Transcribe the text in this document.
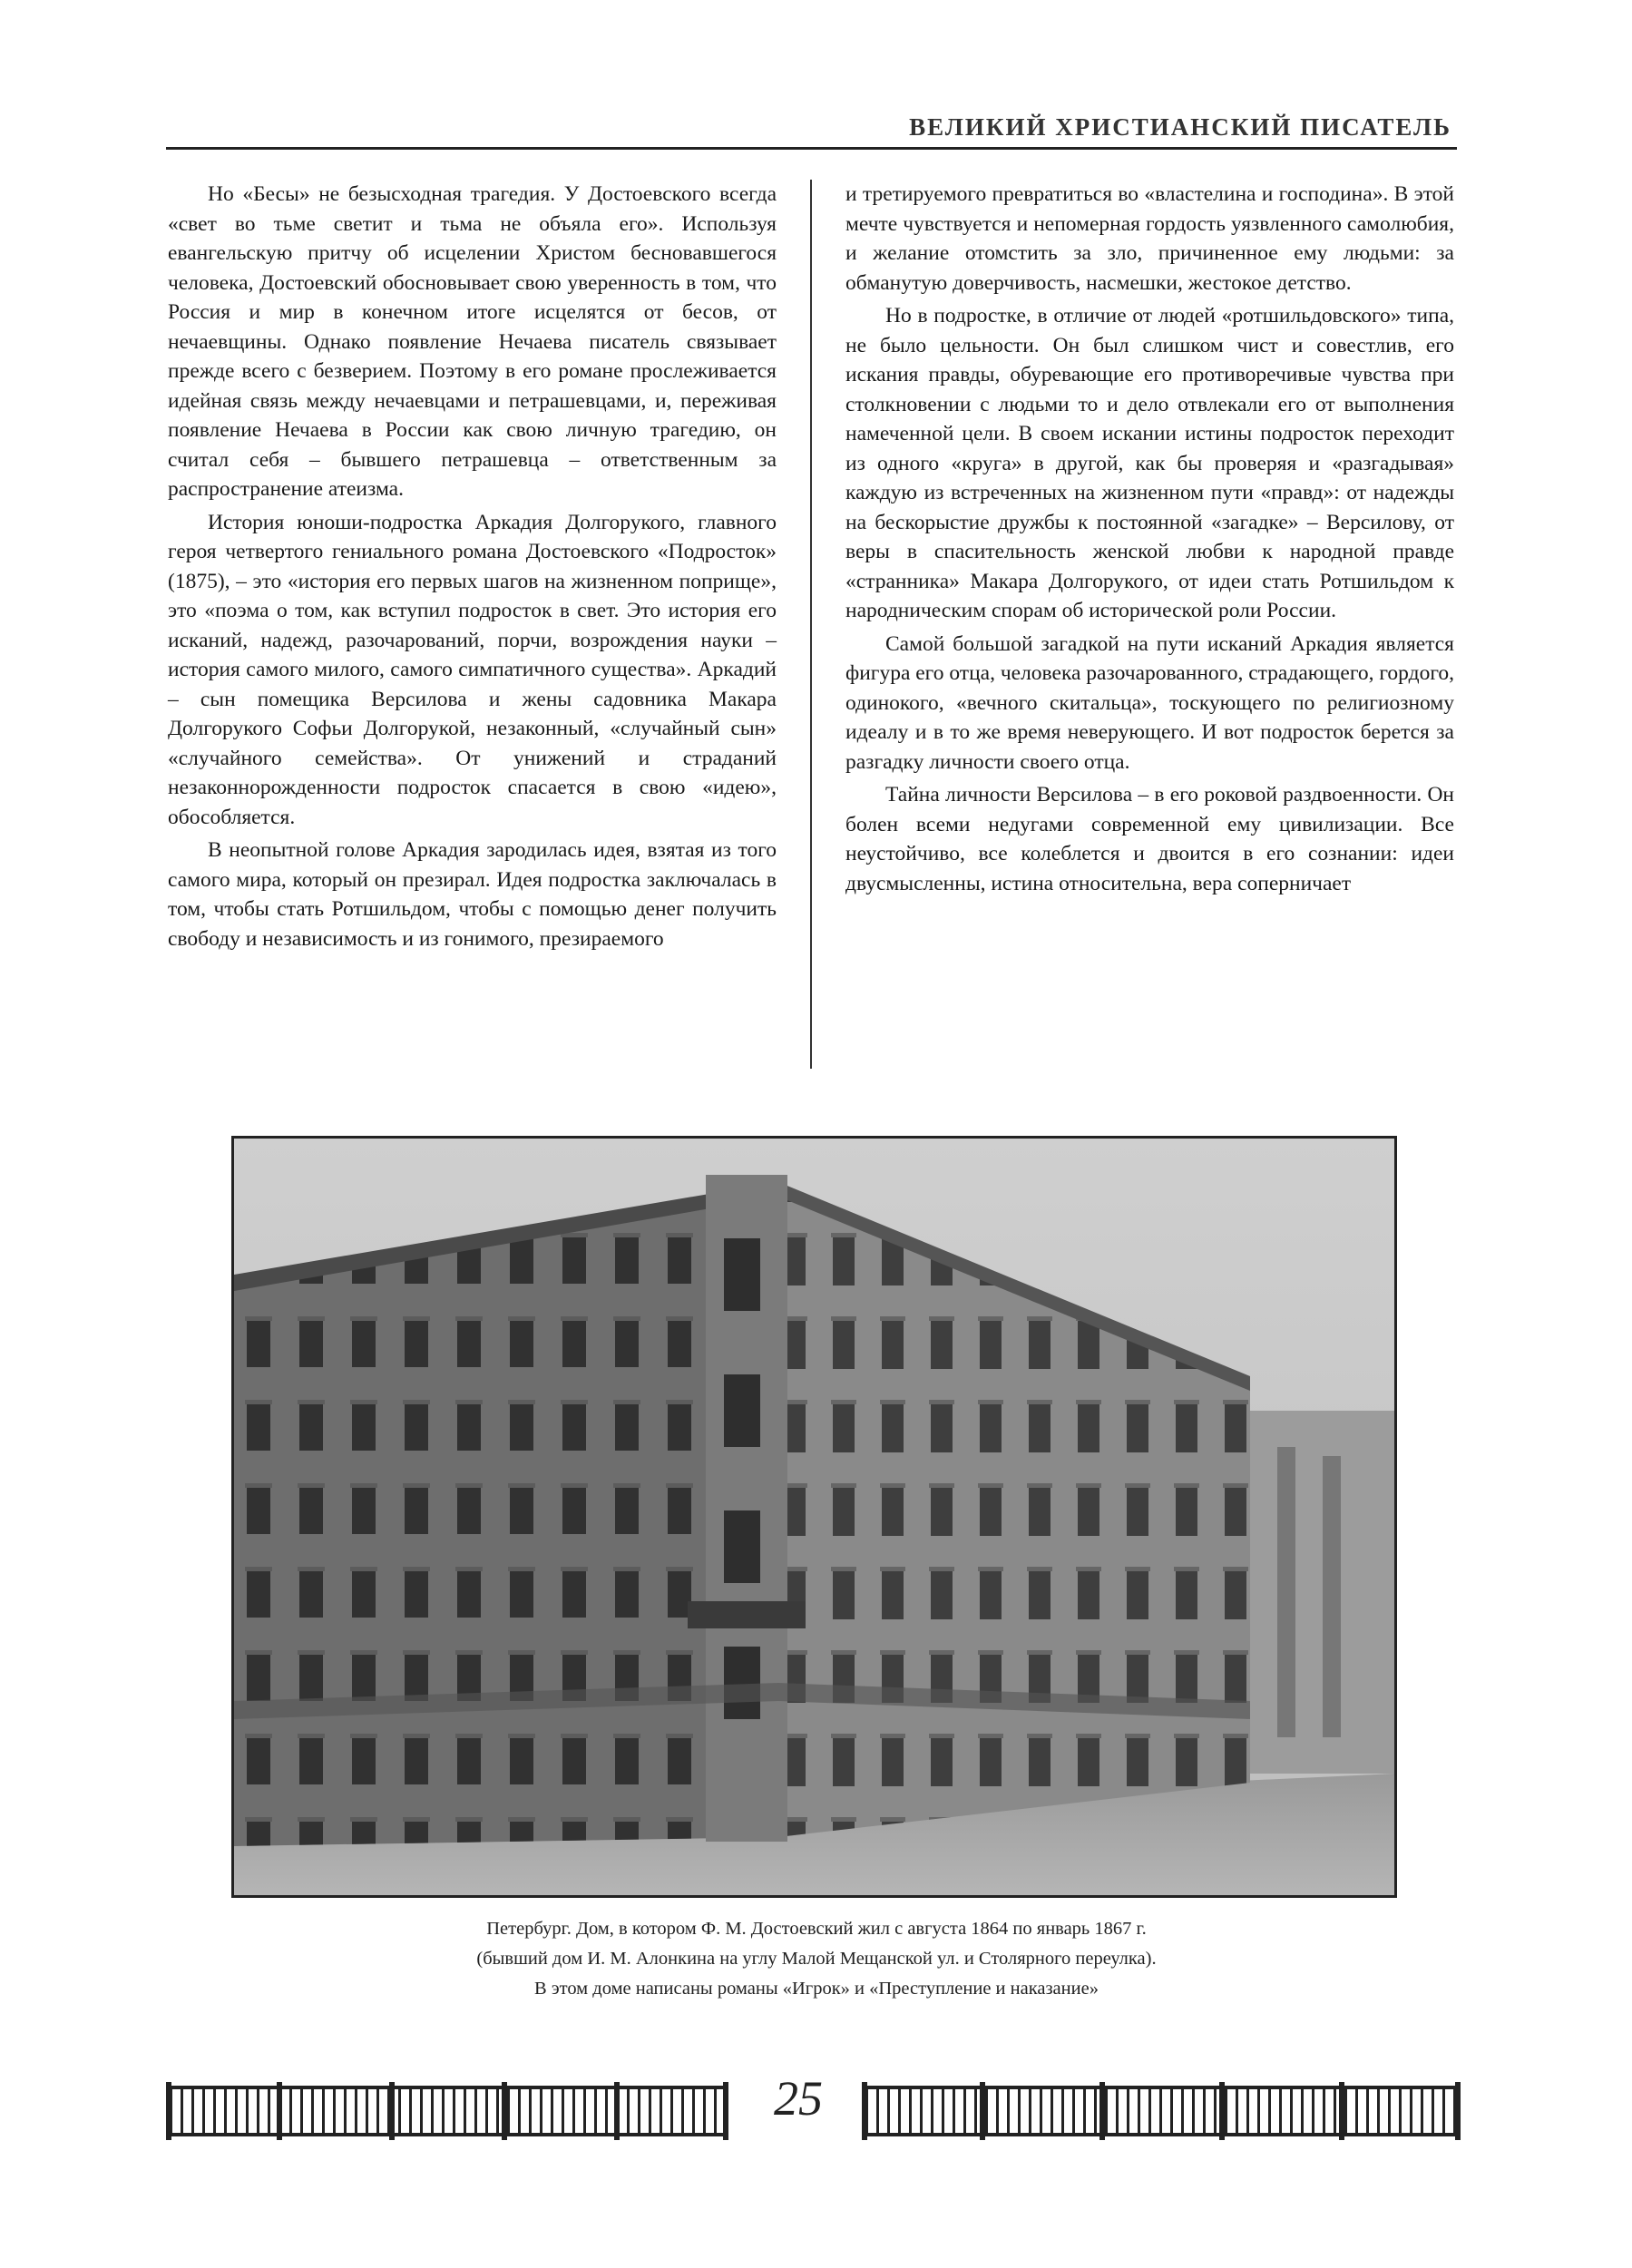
ВЕЛИКИЙ ХРИСТИАНСКИЙ ПИСАТЕЛЬ

Но «Бесы» не безысходная трагедия. У Достоевского всегда «свет во тьме светит и тьма не объяла его». Используя евангельскую притчу об исцелении Христом бесновавшегося человека, Достоевский обосновывает свою уверенность в том, что Россия и мир в конечном итоге исцелятся от бесов, от нечаевщины. Однако появление Нечаева писатель связывает прежде всего с безверием. Поэтому в его романе прослеживается идейная связь между нечаевцами и петрашевцами, и, переживая появление Нечаева в России как свою личную трагедию, он считал себя – бывшего петрашевца – ответственным за распространение атеизма.

История юноши-подростка Аркадия Долгорукого, главного героя четвертого гениального романа Достоевского «Подросток» (1875), – это «история его первых шагов на жизненном поприще», это «поэма о том, как вступил подросток в свет. Это история его исканий, надежд, разочарований, порчи, возрождения науки – история самого милого, самого симпатичного существа». Аркадий – сын помещика Версилова и жены садовника Макара Долгорукого Софьи Долгорукой, незаконный, «случайный сын» «случайного семейства». От унижений и страданий незаконнорожденности подросток спасается в свою «идею», обособляется.

В неопытной голове Аркадия зародилась идея, взятая из того самого мира, который он презирал. Идея подростка заключалась в том, чтобы стать Ротшильдом, чтобы с помощью денег получить свободу и независимость и из гонимого, презираемого

и третируемого превратиться во «властелина и господина». В этой мечте чувствуется и непомерная гордость уязвленного самолюбия, и желание отомстить за зло, причиненное ему людьми: за обманутую доверчивость, насмешки, жестокое детство.

Но в подростке, в отличие от людей «ротшильдовского» типа, не было цельности. Он был слишком чист и совестлив, его искания правды, обуревающие его противоречивые чувства при столкновении с людьми то и дело отвлекали его от выполнения намеченной цели. В своем искании истины подросток переходит из одного «круга» в другой, как бы проверяя и «разгадывая» каждую из встреченных на жизненном пути «правд»: от надежды на бескорыстие дружбы к постоянной «загадке» – Версилову, от веры в спасительность женской любви к народной правде «странника» Макара Долгорукого, от идеи стать Ротшильдом к народническим спорам об исторической роли России.

Самой большой загадкой на пути исканий Аркадия является фигура его отца, человека разочарованного, страдающего, гордого, одинокого, «вечного скитальца», тоскующего по религиозному идеалу и в то же время неверующего. И вот подросток берется за разгадку личности своего отца.

Тайна личности Версилова – в его роковой раздвоенности. Он болен всеми недугами современной ему цивилизации. Все неустойчиво, все колеблется и двоится в его сознании: идеи двусмысленны, истина относительна, вера соперничает

Петербург. Дом, в котором Ф. М. Достоевский жил с августа 1864 по январь 1867 г.
(бывший дом И. М. Алонкина на углу Малой Мещанской ул. и Столярного переулка).
В этом доме написаны романы «Игрок» и «Преступление и наказание»
25
